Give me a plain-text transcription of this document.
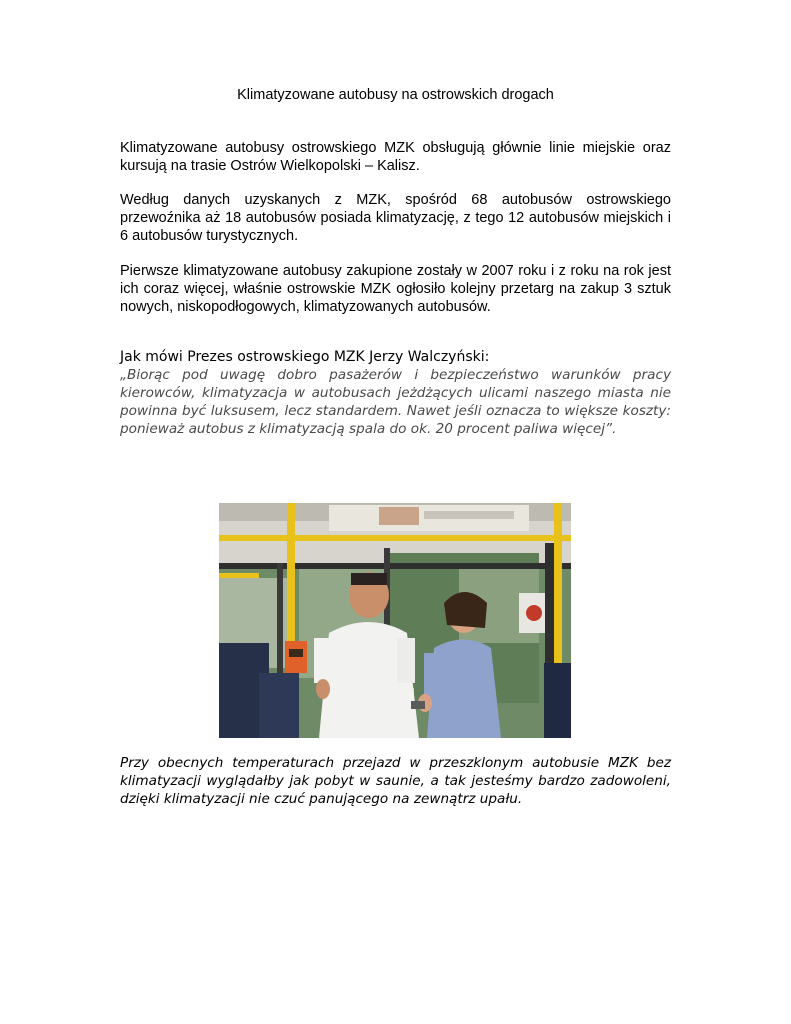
Klimatyzowane autobusy na ostrowskich drogach
Klimatyzowane autobusy ostrowskiego MZK obsługują głównie linie miejskie oraz kursują na trasie Ostrów Wielkopolski – Kalisz.
Według danych uzyskanych z MZK, spośród 68 autobusów ostrowskiego przewoźnika aż 18 autobusów posiada klimatyzację, z tego 12 autobusów miejskich i 6 autobusów turystycznych.
Pierwsze klimatyzowane autobusy zakupione zostały w 2007 roku i z roku na rok jest ich coraz więcej, właśnie ostrowskie MZK ogłosiło kolejny przetarg na zakup 3 sztuk nowych, niskopodłogowych, klimatyzowanych autobusów.
Jak mówi Prezes ostrowskiego MZK Jerzy Walczyński:
„Biorąc pod uwagę dobro pasażerów i bezpieczeństwo warunków pracy kierowców, klimatyzacja w autobusach jeżdżących ulicami naszego miasta nie powinna być luksusem, lecz standardem. Nawet jeśli oznacza to większe koszty: ponieważ autobus z klimatyzacją spala do ok. 20 procent paliwa więcej”.
Przy obecnych temperaturach przejazd w przeszklonym autobusie MZK bez klimatyzacji wyglądałby jak pobyt w saunie, a tak jesteśmy bardzo zadowoleni, dzięki klimatyzacji nie czuć panującego na zewnątrz upału.
